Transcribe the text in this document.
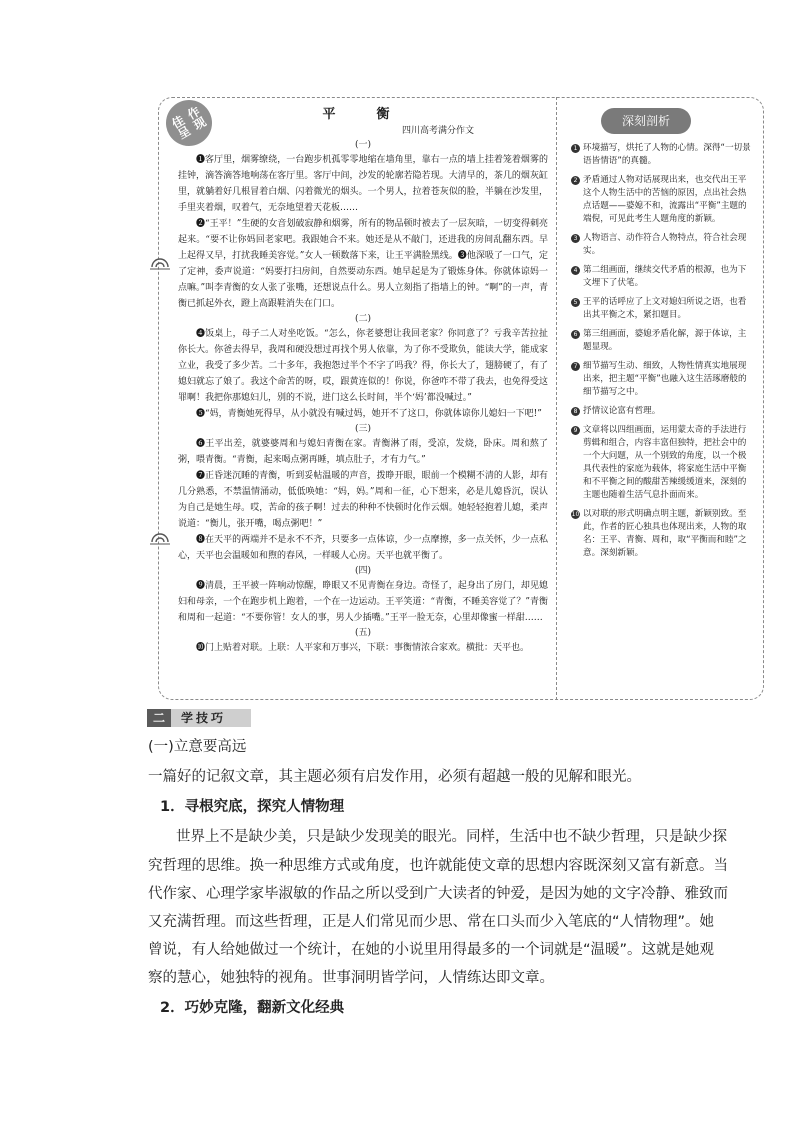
佳
作
呈
现
平　衡
四川高考满分作文
(一)

❶客厅里，烟雾缭绕，一台跑步机孤零零地缩在墙角里，靠右一点的墙上挂着笼着烟雾的挂钟，滴答滴答地响荡在客厅里。客厅中间，沙发的轮廓若隐若现。大清早的，茶几的烟灰缸里，就躺着好几根冒着白烟、闪着微光的烟头。一个男人，拉着苍灰似的脸，半躺在沙发里，手里夹着烟，叹着气，无奈地望着天花板……

❷“王平！”生硬的女音划破寂静和烟雾，所有的物品顿时被去了一层灰暗，一切变得刺亮起来。“要不让你妈回老家吧。我跟她合不来。她还是从不敲门，还进我的房间乱翻东西。早上起得又早，打扰我睡美容觉。”女人一顿数落下来，让王平满脸黑线。❸他深吸了一口气，定了定神，委声说道：“妈要打扫房间，自然要动东西。她早起是为了锻炼身体。你就体谅妈一点嘛。”叫李青衡的女人张了张嘴，还想说点什么。男人立刻指了指墙上的钟。“啊”的一声，青衡已抓起外衣，蹬上高跟鞋消失在门口。

(二)

❹饭桌上，母子二人对坐吃饭。“怎么，你老婆想让我回老家？你同意了？亏我辛苦拉扯你长大。你爸去得早，我周和硬没想过再找个男人依靠，为了你不受欺负，能读大学，能成家立业，我受了多少苦。二十多年，我抱怨过半个不字了吗我？得，你长大了，翅膀硬了，有了媳妇就忘了娘了。我这个命苦的呀，哎，跟黄连似的！你说，你爸咋不带了我去，也免得受这罪啊！我把你那媳妇儿，别的不说，进门这么长时间，半个‘妈’都没喊过。”

❺“妈，青衡她死得早，从小就没有喊过妈，她开不了这口，你就体谅你儿媳妇一下吧!”

(三)

❻王平出差，就婆婆周和与媳妇青衡在家。青衡淋了雨，受凉，发烧，卧床。周和熬了粥，喂青衡。“青衡，起来喝点粥再睡，填点肚子，才有力气。”

❼正昏迷沉睡的青衡，听到妥帖温暖的声音，拨睁开眼，眼前一个模糊不清的人影，却有几分熟悉，不禁温情涌动，低低唤她：“妈，妈。”周和一征，心下想来，必是儿媳昏沉，误认为自己是她生母。哎，苦命的孩子啊！过去的种种不快顿时化作云烟。她轻轻抱着儿媳，柔声说道：“衡儿，张开嘴，喝点粥吧！”

❽在天平的两端并不是永不不齐，只要多一点体谅，少一点摩擦，多一点关怀，少一点私心，天平也会温暖如和煦的春风，一样暖人心房。天平也就平衡了。

(四)

❾清晨，王平被一阵响动惊醒，睁眼又不见青衡在身边。奇怪了，起身出了房门，却见媳妇和母亲，一个在跑步机上跑着，一个在一边运动。王平笑道：“青衡，不睡美容觉了？”青衡和周和一起道：“不要你管！女人的事，男人少插嘴。”王平一脸无奈，心里却像蜜一样甜……

(五)

❿门上贴着对联。上联：人平家和万事兴，下联：事衡情浓合家欢。横批：天平也。

深刻剖析
1 环境描写，烘托了人物的心情。深得“一切景语皆情语”的真髓。
2 矛盾通过人物对话展现出来，也交代出王平这个人物生活中的苦恼的原因，点出社会热点话题——婆媳不和，流露出“平衡”主题的端倪，可见此考生人题角度的新颖。
3 人物语言、动作符合人物特点，符合社会现实。
4 第二组画面，继续交代矛盾的根源，也为下文埋下了伏笔。
5 王平的话呼应了上文对媳妇所说之语，也看出其平衡之术，紧扣题目。
6 第三组画面，婆媳矛盾化解，源于体谅，主题显现。
7 细节描写生动、细致，人物性情真实地展现出来，把主题“平衡”也融入这生活琢磨般的细节描写之中。
8 抒情议论富有哲理。
9 文章将以四组画面，运用蒙太奇的手法进行剪辑和组合，内容丰富但独特，把社会中的一个大问题，从一个别致的角度，以一个极具代表性的家庭为载体，将家庭生活中平衡和不平衡之间的酸甜苦辣缓缓道来，深刻的主题也随着生活气息扑面而来。
10 以对联的形式明确点明主题，新颖别致。至此，作者的匠心独具也体现出来，人物的取名：王平、青衡、周和，取“平衡而和睦”之意。深刻新颖。
二	学技巧
(一)立意要高远
一篇好的记叙文章，其主题必须有启发作用，必须有超越一般的见解和眼光。
1．寻根究底，探究人情物理
世界上不是缺少美，只是缺少发现美的眼光。同样，生活中也不缺少哲理，只是缺少探
究哲理的思维。换一种思维方式或角度，也许就能使文章的思想内容既深刻又富有新意。当
代作家、心理学家毕淑敏的作品之所以受到广大读者的钟爱，是因为她的文字冷静、雅致而
又充满哲理。而这些哲理，正是人们常见而少思、常在口头而少入笔底的“人情物理”。她
曾说，有人给她做过一个统计，在她的小说里用得最多的一个词就是“温暖”。这就是她观
察的慧心，她独特的视角。世事洞明皆学问，人情练达即文章。
2．巧妙克隆，翻新文化经典
